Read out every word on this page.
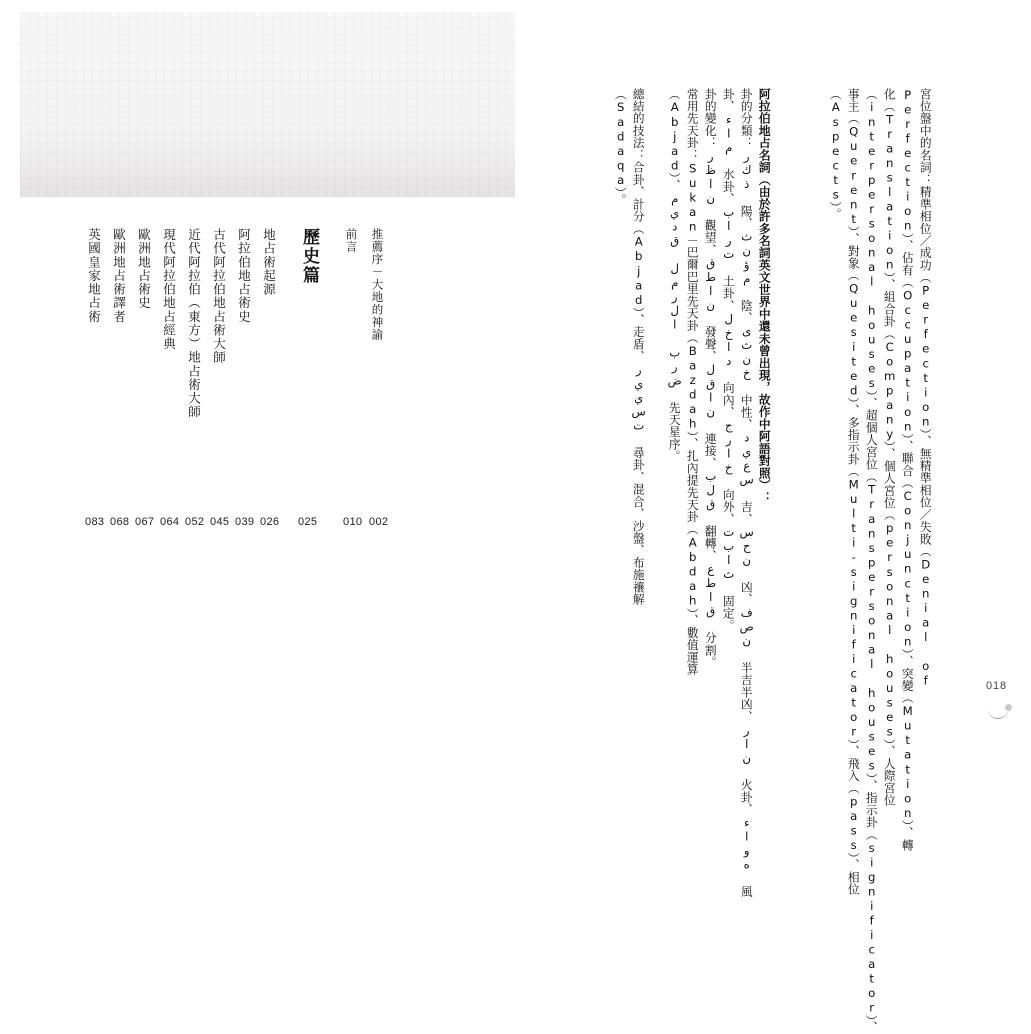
推薦序－大地的神諭
前言
歷史篇
地占術起源
阿拉伯地占術史
古代阿拉伯地占術大師
近代阿拉伯（東方）地占術大師
現代阿拉伯地占經典
歐洲地占術史
歐洲地占術譯者
英國皇家地占術
002
010
025
026
039
045
052
064
067
068
083
阿拉伯地占名詞（由於許多名詞英文世界中還未曾出現，故作中阿語對照）：	宮位盤中的名詞：精準相位／成功（Perfection）、無精準相位／失敗（Denial of
Perfection）、佔有（Occupation）、聯合（Conjunction）、突變（Mutation）、轉
化（Translation）、組合卦（Company）、個人宮位（personal houses）、人際宮位
（interpersonal houses）、超個人宮位（Transpersonal houses）、指示卦（significator）、
事主（Querent）、對象（Quesited）、多指示卦（Multi-significator）、飛入（pass）、相位
（Aspects）。
卦的分類：ذكر 陽、مؤنث 陰、خنثى 中性、سعيد 吉、نحس 凶、نصف 半吉半凶、نار 火卦、هواء 風
卦、ماء 水卦、تراب 土卦、داخل 向內、خارج 向外、ثابت 固定。
卦的變化：ناظر 觀望、ناطق 發聲、ناقل 連接、قلب 翻轉、قاطع 分割。
常用先天卦：Sukan－巴爾巴里先天卦（Bazdah）、扎內提先天卦（Abdah）、數值運算
（Abjad）、ضرب الرمل قديم 先天星序。
總結的技法：合卦、計分（Abjad）、走盾、تسيير 尋卦、混合、沙盤、布施禳解
（Sadaqa）。
018
